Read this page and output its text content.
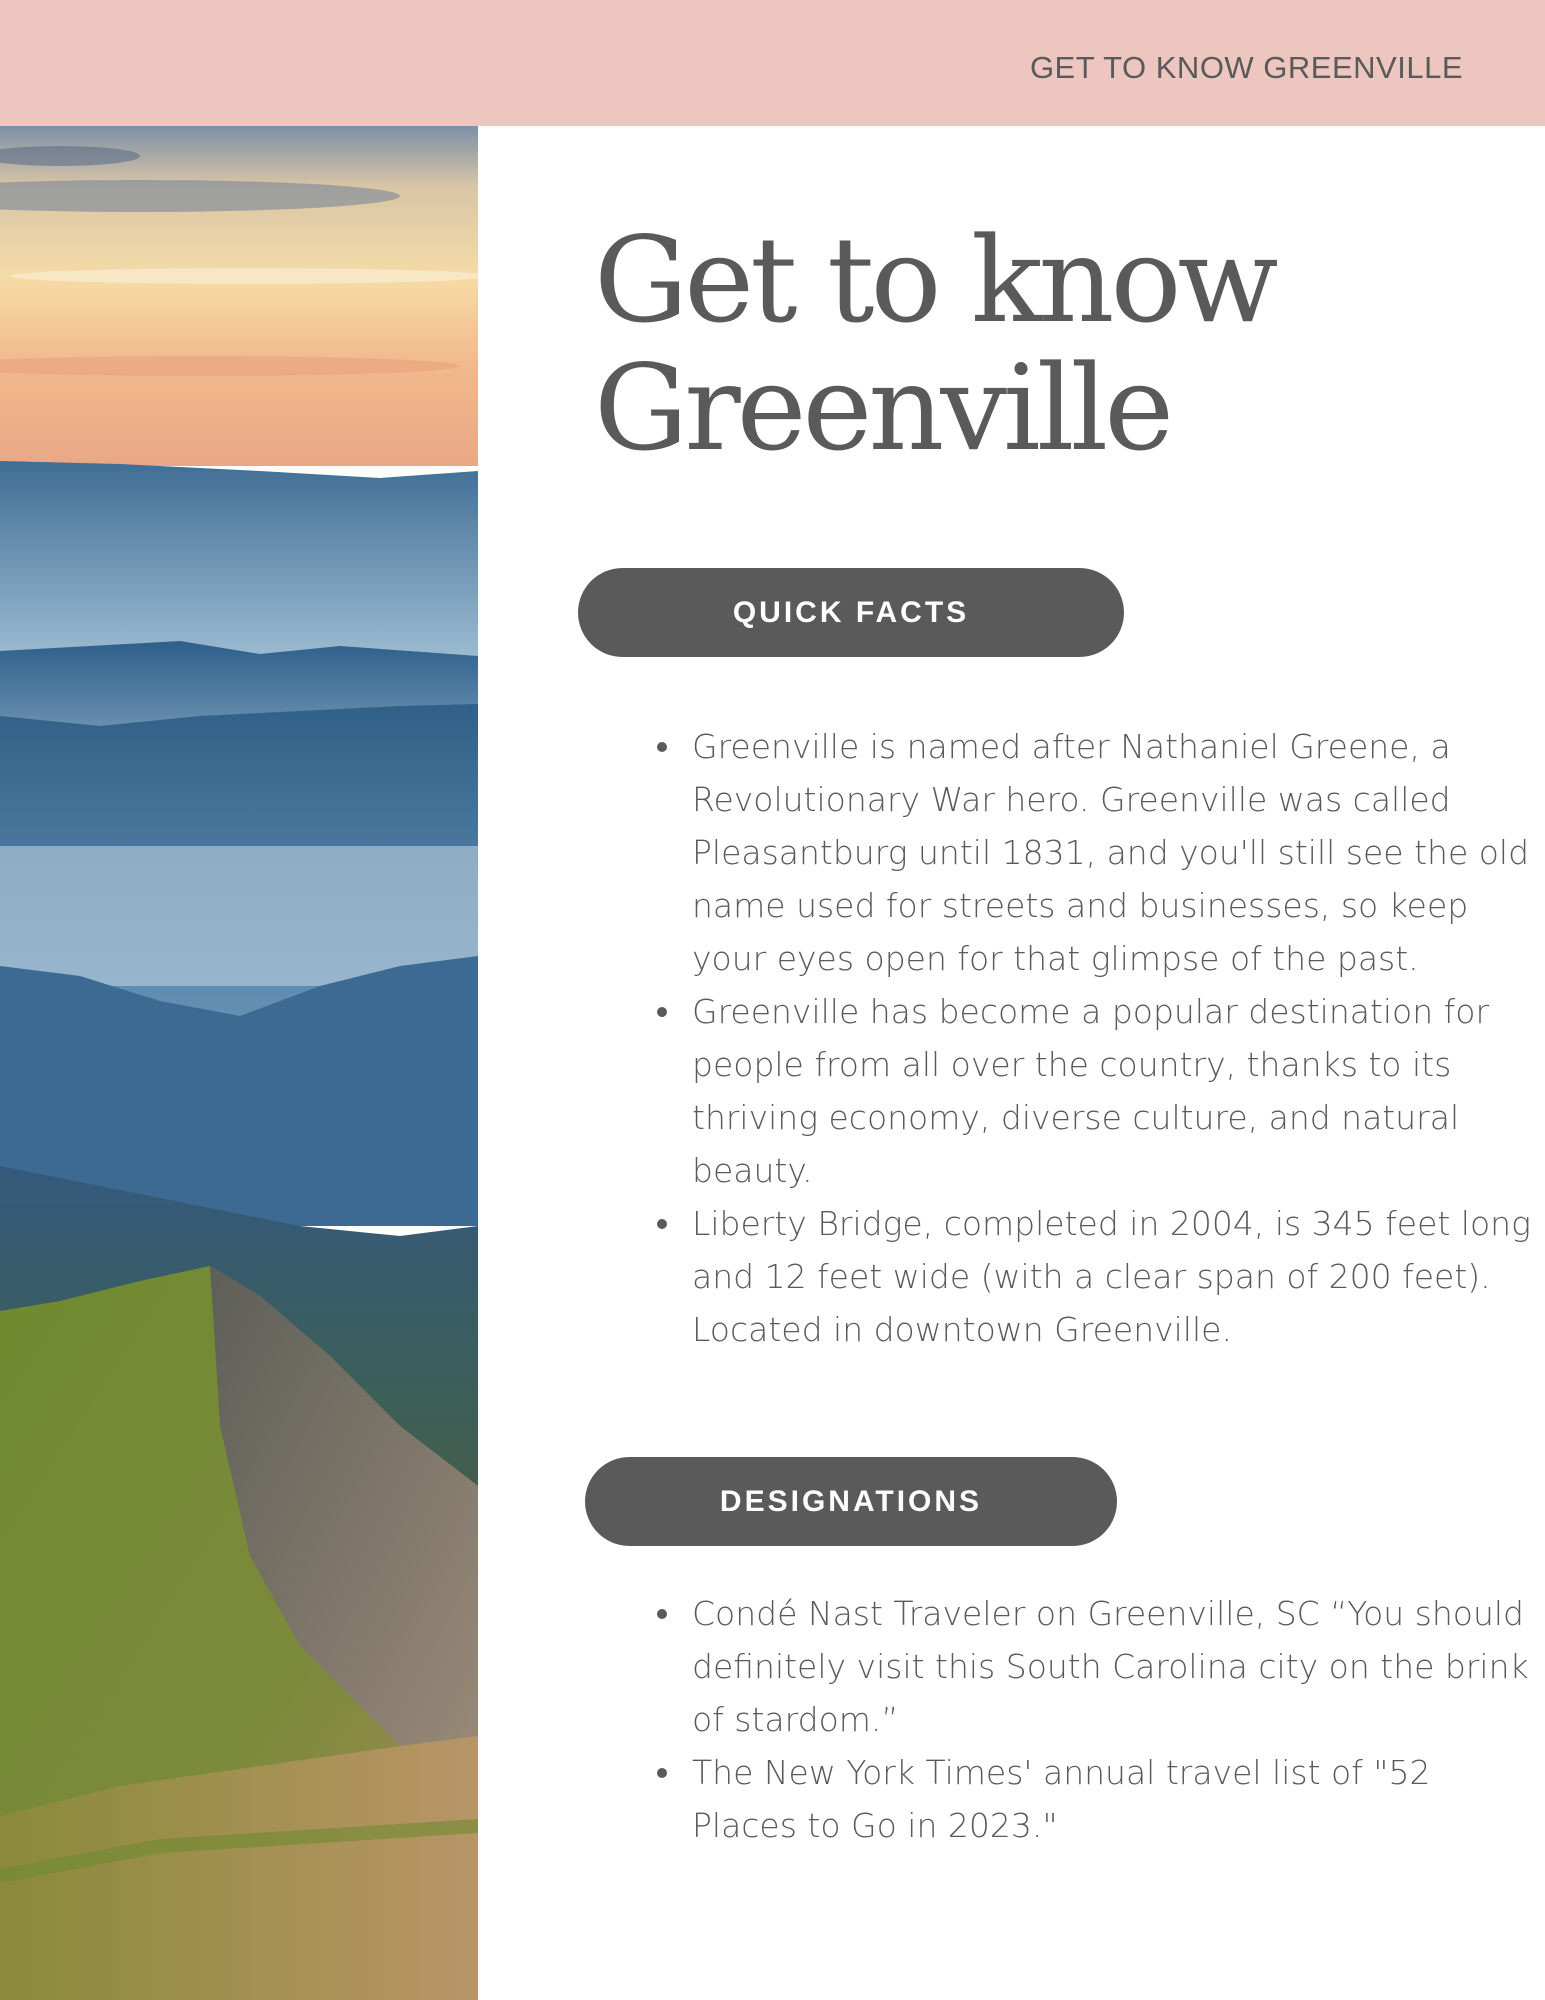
GET TO KNOW GREENVILLE
Get to know
Greenville
QUICK FACTS
Greenville is named after Nathaniel Greene, a Revolutionary War hero. Greenville was called Pleasantburg until 1831, and you'll still see the old name used for streets and businesses, so keep your eyes open for that glimpse of the past.
Greenville has become a popular destination for people from all over the country, thanks to its thriving economy, diverse culture, and natural beauty.
Liberty Bridge, completed in 2004, is 345 feet long and 12 feet wide (with a clear span of 200 feet). Located in downtown Greenville.
DESIGNATIONS
Condé Nast Traveler on Greenville, SC “You should definitely visit this South Carolina city on the brink of stardom.”
The New York Times' annual travel list of "52 Places to Go in 2023."
